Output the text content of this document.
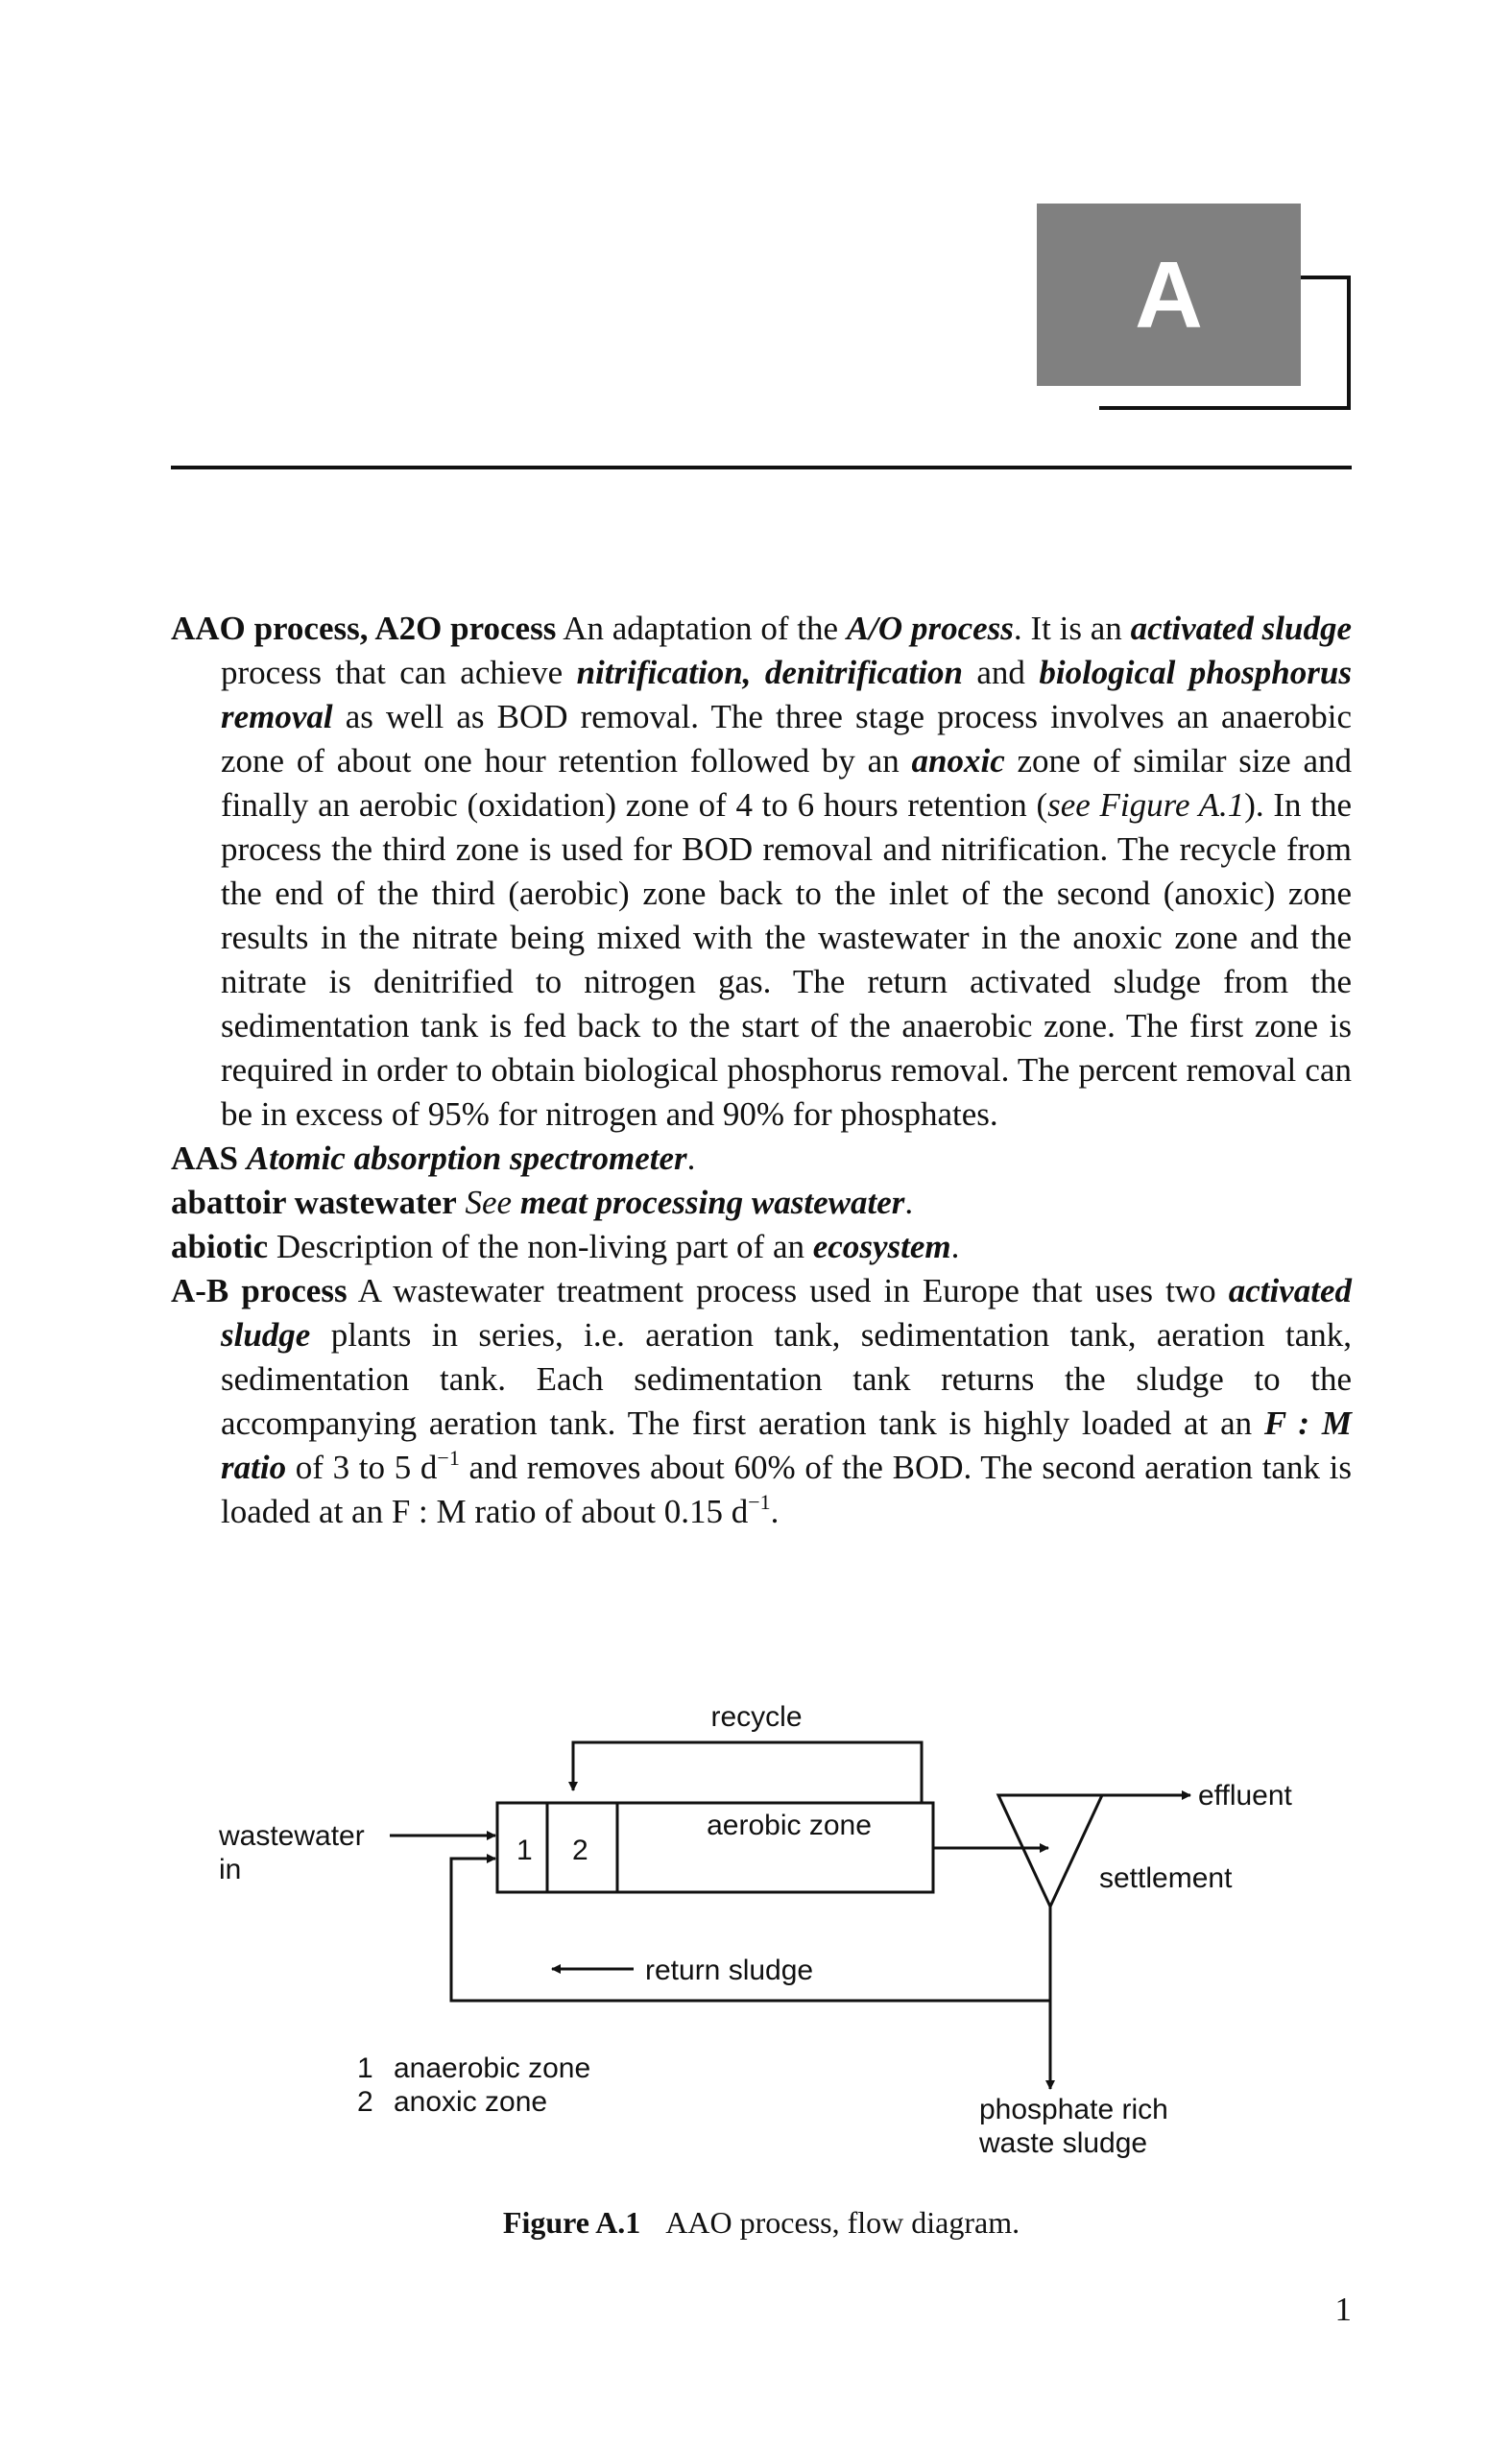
A

AAO process, A2O process An adaptation of the A/O process. It is an activated sludge process that can achieve nitrification, denitrification and biological phosphorus removal as well as BOD removal. The three stage process involves an anaerobic zone of about one hour retention followed by an anoxic zone of similar size and finally an aerobic (oxidation) zone of 4 to 6 hours retention (see Figure A.1). In the process the third zone is used for BOD removal and nitrification. The recycle from the end of the third (aerobic) zone back to the inlet of the second (anoxic) zone results in the nitrate being mixed with the wastewater in the anoxic zone and the nitrate is denitrified to nitrogen gas. The return activated sludge from the sedimentation tank is fed back to the start of the anaerobic zone. The first zone is required in order to obtain biological phosphorus removal. The percent removal can be in excess of 95% for nitrogen and 90% for phosphates.

AAS Atomic absorption spectrometer.

abattoir wastewater See meat processing wastewater.

abiotic Description of the non-living part of an ecosystem.

A-B process A wastewater treatment process used in Europe that uses two activated sludge plants in series, i.e. aeration tank, sedimentation tank, aeration tank, sedimentation tank. Each sedimentation tank returns the sludge to the accompanying aeration tank. The first aeration tank is highly loaded at an F : M ratio of 3 to 5 $d^{-1}$ and removes about 60% of the BOD. The second aeration tank is loaded at an F : M ratio of about 0.15 $d^{-1}$.

recycle
1 2
aerobic zone
wastewater
in
effluent
settlement
return sludge
phosphate rich
waste sludge
1 anaerobic zone
2 anoxic zone
Figure A.1 AAO process, flow diagram.
1
